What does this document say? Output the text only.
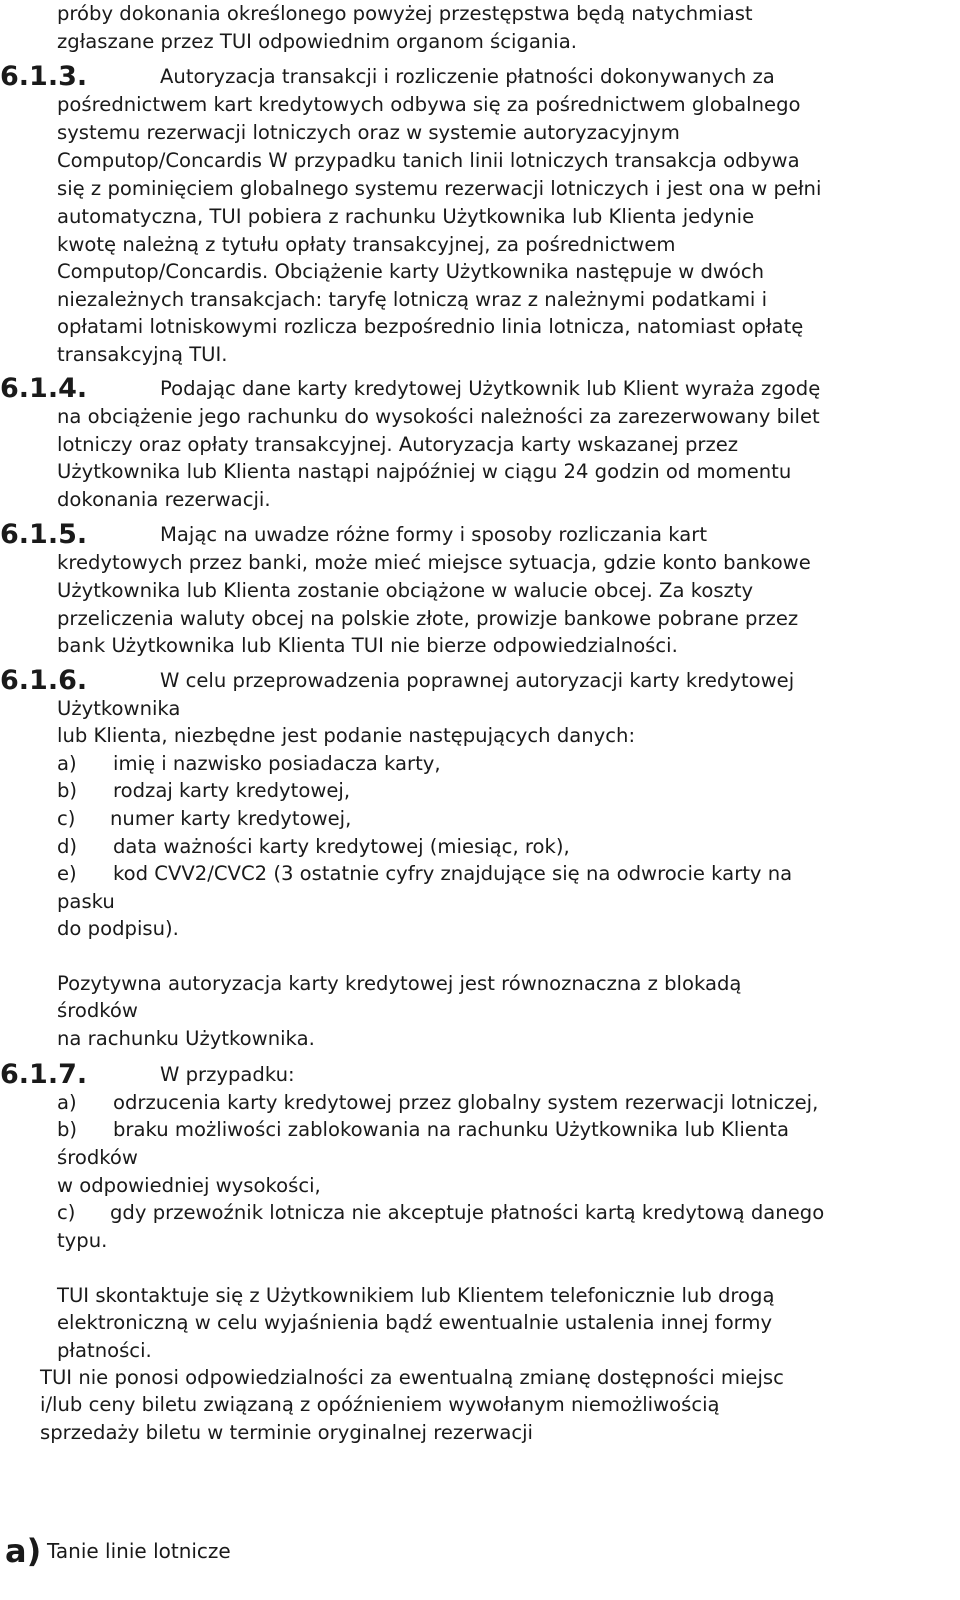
próby dokonania określonego powyżej przestępstwa będą natychmiast
zgłaszane przez TUI odpowiednim organom ścigania.
6.1.3.	Autoryzacja transakcji i rozliczenie płatności dokonywanych za
pośrednictwem kart kredytowych odbywa się za pośrednictwem globalnego
systemu rezerwacji lotniczych oraz w systemie autoryzacyjnym
Computop/Concardis W przypadku tanich linii lotniczych transakcja odbywa
się z pominięciem globalnego systemu rezerwacji lotniczych i jest ona w pełni
automatyczna, TUI pobiera z rachunku Użytkownika lub Klienta jedynie
kwotę należną z tytułu opłaty transakcyjnej, za pośrednictwem
Computop/Concardis. Obciążenie karty Użytkownika następuje w dwóch
niezależnych transakcjach: taryfę lotniczą wraz z należnymi podatkami i
opłatami lotniskowymi rozlicza bezpośrednio linia lotnicza, natomiast opłatę
transakcyjną TUI.
6.1.4.	Podając dane karty kredytowej Użytkownik lub Klient wyraża zgodę
na obciążenie jego rachunku do wysokości należności za zarezerwowany bilet
lotniczy oraz opłaty transakcyjnej. Autoryzacja karty wskazanej przez
Użytkownika lub Klienta nastąpi najpóźniej w ciągu 24 godzin od momentu
dokonania rezerwacji.
6.1.5.	Mając na uwadze różne formy i sposoby rozliczania kart
kredytowych przez banki, może mieć miejsce sytuacja, gdzie konto bankowe
Użytkownika lub Klienta zostanie obciążone w walucie obcej. Za koszty
przeliczenia waluty obcej na polskie złote, prowizje bankowe pobrane przez
bank Użytkownika lub Klienta TUI nie bierze odpowiedzialności.
6.1.6.	W celu przeprowadzenia poprawnej autoryzacji karty kredytowej
Użytkownika
lub Klienta, niezbędne jest podanie następujących danych:
a) imię i nazwisko posiadacza karty,
b) rodzaj karty kredytowej,
c) numer karty kredytowej,
d) data ważności karty kredytowej (miesiąc, rok),
e) kod CVV2/CVC2 (3 ostatnie cyfry znajdujące się na odwrocie karty na
pasku
do podpisu).
Pozytywna autoryzacja karty kredytowej jest równoznaczna z blokadą
środków
na rachunku Użytkownika.
6.1.7.	W przypadku:
a) odrzucenia karty kredytowej przez globalny system rezerwacji lotniczej,
b) braku możliwości zablokowania na rachunku Użytkownika lub Klienta
środków
w odpowiedniej wysokości,
c) gdy przewoźnik lotnicza nie akceptuje płatności kartą kredytową danego
typu.
TUI skontaktuje się z Użytkownikiem lub Klientem telefonicznie lub drogą
elektroniczną w celu wyjaśnienia bądź ewentualnie ustalenia innej formy
płatności.
TUI nie ponosi odpowiedzialności za ewentualną zmianę dostępności miejsc
i/lub ceny biletu związaną z opóźnieniem wywołanym niemożliwością
sprzedaży biletu w terminie oryginalnej rezerwacji
a) Tanie linie lotnicze
